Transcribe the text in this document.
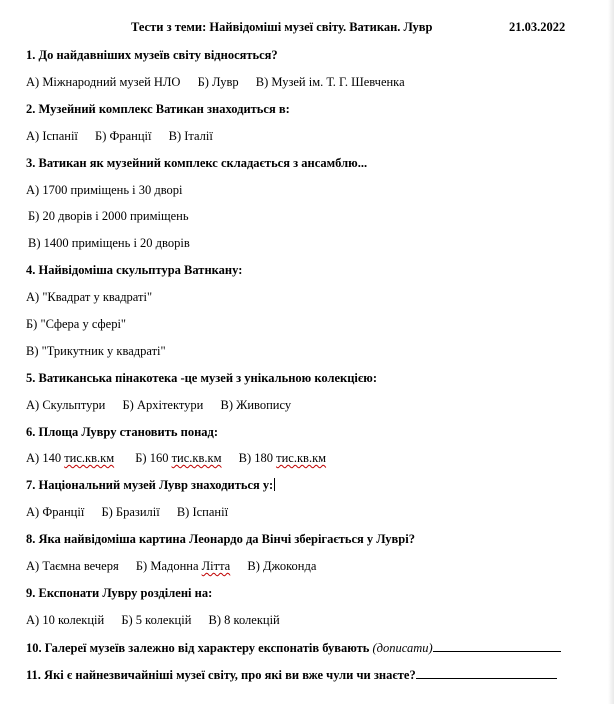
Тести з теми: Найвідоміші музеї світу. Ватикан. Лувр	21.03.2022
1. До найдавніших музеїв світу відносяться?
А) Міжнародний музей НЛО Б) Лувр В) Музей ім. Т. Г. Шевченка
2. Музейний комплекс Ватикан знаходиться в:
А) Іспанії Б) Франції В) Італії
3. Ватикан як музейний комплекс складається з ансамблю...
А) 1700 приміщень і 30 дворі
Б) 20 дворів і 2000 приміщень
В) 1400 приміщень і 20 дворів
4. Найвідоміша скульптура Ватнкану:
А) "Квадрат у квадраті"
Б) "Сфера у сфері"
В) "Трикутник у квадраті"
5. Ватиканська пінакотека -це музей з унікальною колекцією:
А) Скульптури Б) Архітектури В) Живопису
6. Площа Лувру становить понад:
А) 140 тис.кв.км Б) 160 тис.кв.км В) 180 тис.кв.км
7. Національний музей Лувр знаходиться у:
А) Франції Б) Бразилії В) Іспанії
8. Яка найвідоміша картина Леонардо да Вінчі зберігається у Луврі?
А) Таємна вечеря Б) Мадонна Літта В) Джоконда
9. Експонати Лувру розділені на:
А) 10 колекцій Б) 5 колекцій В) 8 колекцій
10. Галереї музеїв залежно від характеру експонатів бувають (дописати)
11. Які є найнезвичайніші музеї світу, про які ви вже чули чи знаєте?
